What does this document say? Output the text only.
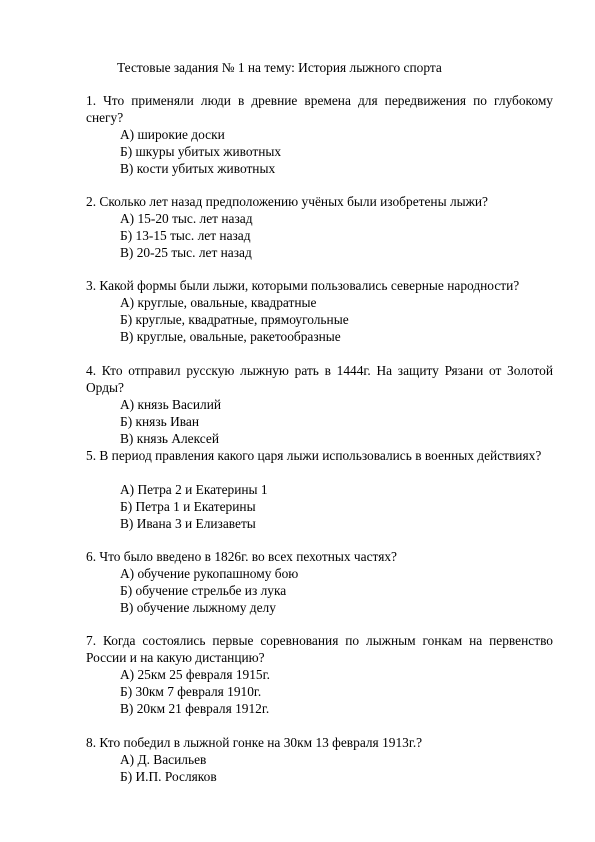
Тестовые задания № 1 на тему: История лыжного спорта
1. Что применяли люди в древние времена для передвижения по глубокому снегу?
А) широкие доски
Б) шкуры убитых животных
В) кости убитых животных
2. Сколько лет назад предположению учёных были изобретены лыжи?
А) 15-20 тыс. лет назад
Б) 13-15 тыс. лет назад
В) 20-25 тыс. лет назад
3. Какой формы были лыжи, которыми пользовались северные народности?
А) круглые, овальные, квадратные
Б) круглые, квадратные, прямоугольные
В) круглые, овальные, ракетообразные
4. Кто отправил русскую лыжную рать в 1444г. На защиту Рязани от Золотой Орды?
А) князь Василий
Б) князь Иван
В) князь Алексей
5. В период правления какого царя лыжи использовались в военных действиях?
А) Петра 2 и Екатерины 1
Б) Петра 1 и Екатерины
В) Ивана 3 и Елизаветы
6. Что было введено в 1826г. во всех пехотных частях?
А) обучение рукопашному бою
Б) обучение стрельбе из лука
В) обучение лыжному делу
7. Когда состоялись первые соревнования по лыжным гонкам на первенство России и на какую дистанцию?
А) 25км 25 февраля 1915г.
Б) 30км 7 февраля 1910г.
В) 20км 21 февраля 1912г.
8. Кто победил в лыжной гонке на 30км 13 февраля 1913г.?
А) Д. Васильев
Б) И.П. Росляков
